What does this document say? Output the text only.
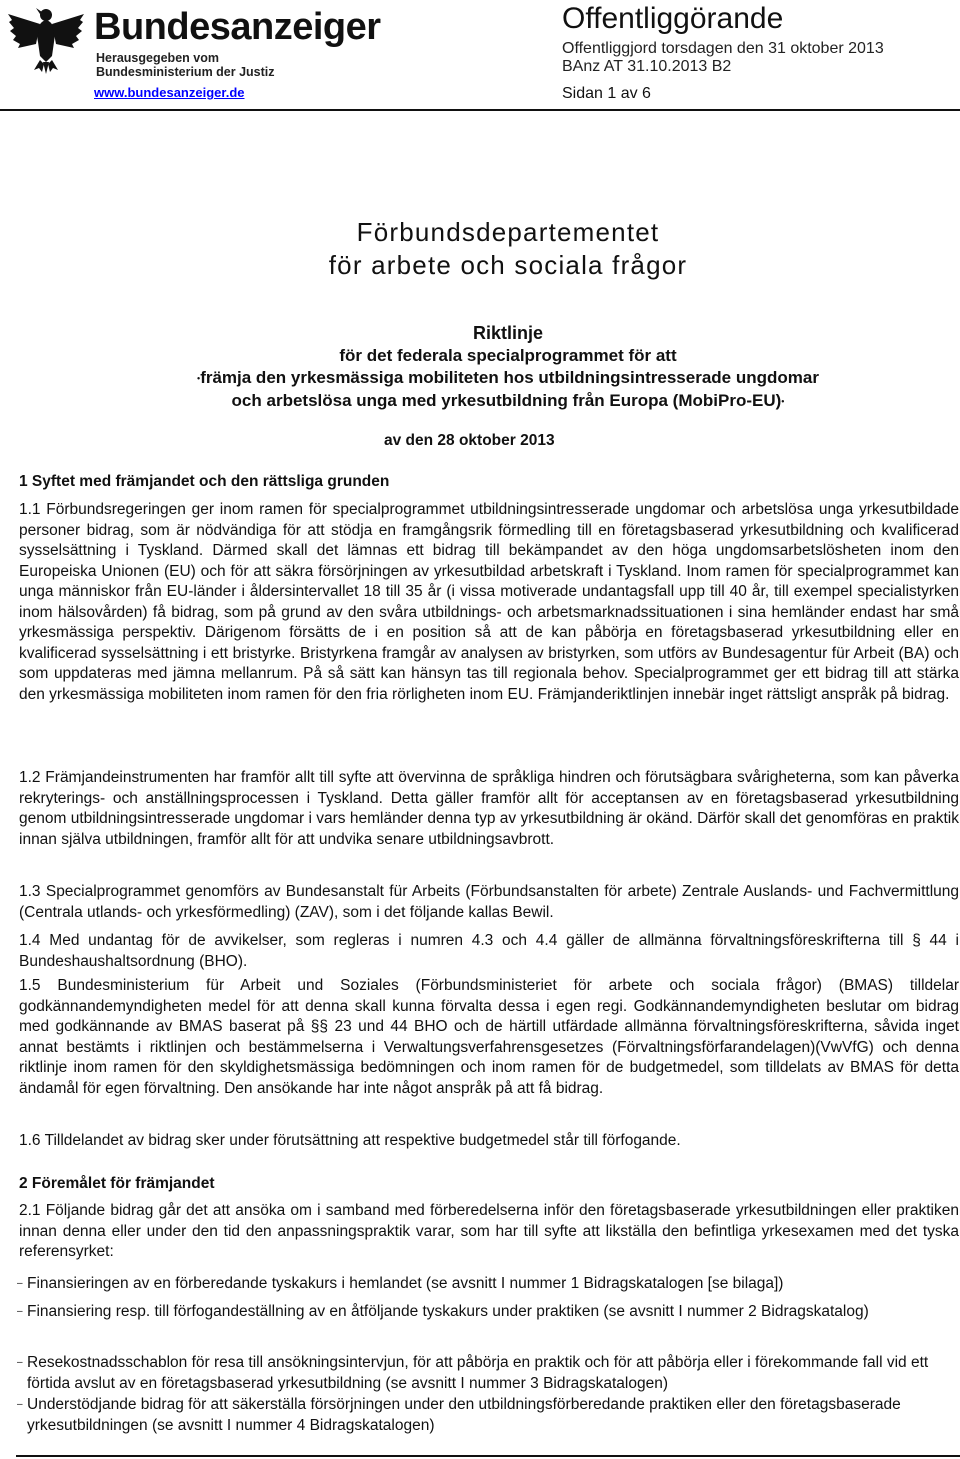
Bundesanzeiger
Herausgegeben vom
Bundesministerium der Justiz
www.bundesanzeiger.de
Offentliggörande
Offentliggjord torsdagen den 31 oktober 2013
BAnz AT 31.10.2013 B2
Sidan 1 av 6
Förbundsdepartementet
för arbete och sociala frågor
Riktlinje
för det federala specialprogrammet för att
•främja den yrkesmässiga mobiliteten hos utbildningsintresserade ungdomar
och arbetslösa unga med yrkesutbildning från Europa (MobiPro-EU)•
av den 28 oktober 2013
1 Syftet med främjandet och den rättsliga grunden

1.1 Förbundsregeringen ger inom ramen för specialprogrammet utbildningsintresserade ungdomar och arbetslösa unga yrkesutbildade personer bidrag, som är nödvändiga för att stödja en framgångsrik förmedling till en företagsbaserad yrkesutbildning och kvalificerad sysselsättning i Tyskland. Därmed skall det lämnas ett bidrag till bekämpandet av den höga ungdomsarbetslösheten inom den Europeiska Unionen (EU) och för att säkra försörjningen av yrkesutbildad arbetskraft i Tyskland. Inom ramen för specialprogrammet kan unga människor från EU-länder i åldersintervallet 18 till 35 år (i vissa motiverade undantagsfall upp till 40 år, till exempel specialistyrken inom hälsovården) få bidrag, som på grund av den svåra utbildnings- och arbetsmarknadssituationen i sina hemländer endast har små yrkesmässiga perspektiv. Därigenom försätts de i en position så att de kan påbörja en företagsbaserad yrkesutbildning eller en kvalificerad sysselsättning i ett bristyrke. Bristyrkena framgår av analysen av bristyrken, som utförs av Bundesagentur für Arbeit (BA) och som uppdateras med jämna mellanrum. På så sätt kan hänsyn tas till regionala behov. Specialprogrammet ger ett bidrag till att stärka den yrkesmässiga mobiliteten inom ramen för den fria rörligheten inom EU. Främjanderiktlinjen innebär inget rättsligt anspråk på bidrag.

1.2 Främjandeinstrumenten har framför allt till syfte att övervinna de språkliga hindren och förutsägbara svårigheterna, som kan påverka rekryterings- och anställningsprocessen i Tyskland. Detta gäller framför allt för acceptansen av en företagsbaserad yrkesutbildning genom utbildningsintresserade ungdomar i vars hemländer denna typ av yrkesutbildning är okänd. Därför skall det genomföras en praktik innan själva utbildningen, framför allt för att undvika senare utbildningsavbrott.

1.3 Specialprogrammet genomförs av Bundesanstalt für Arbeits (Förbundsanstalten för arbete) Zentrale Auslands- und Fachvermittlung (Centrala utlands- och yrkesförmedling) (ZAV), som i det följande kallas Bewil.

1.4 Med undantag för de avvikelser, som regleras i numren 4.3 och 4.4 gäller de allmänna förvaltningsföreskrifterna till § 44 i Bundeshaushaltsordnung (BHO).

1.5 Bundesministerium für Arbeit und Soziales (Förbundsministeriet för arbete och sociala frågor) (BMAS) tilldelar godkännandemyndigheten medel för att denna skall kunna förvalta dessa i egen regi. Godkännandemyndigheten beslutar om bidrag med godkännande av BMAS baserat på §§ 23 und 44 BHO och de härtill utfärdade allmänna förvaltningsföreskrifterna, såvida inget annat bestämts i riktlinjen och bestämmelserna i Verwaltungsverfahrensgesetzes (Förvaltningsförfarandelagen)(VwVfG) och denna riktlinje inom ramen för den skyldighetsmässiga bedömningen och inom ramen för de budgetmedel, som tilldelats av BMAS för detta ändamål för egen förvaltning. Den ansökande har inte något anspråk på att få bidrag.

1.6 Tilldelandet av bidrag sker under förutsättning att respektive budgetmedel står till förfogande.

2 Föremålet för främjandet

2.1 Följande bidrag går det att ansöka om i samband med förberedelserna inför den företagsbaserade yrkesutbildningen eller praktiken innan denna eller under den tid den anpassningspraktik varar, som har till syfte att likställa den befintliga yrkesexamen med det tyska referensyrket:

– Finansieringen av en förberedande tyskakurs i hemlandet (se avsnitt I nummer 1 Bidragskatalogen [se bilaga])
– Finansiering resp. till förfogandeställning av en åtföljande tyskakurs under praktiken (se avsnitt I nummer 2 Bidragskatalog)
– Resekostnadsschablon för resa till ansökningsintervjun, för att påbörja en praktik och för att påbörja eller i förekommande fall vid ett förtida avslut av en företagsbaserad yrkesutbildning (se avsnitt I nummer 3 Bidragskatalogen)
– Understödjande bidrag för att säkerställa försörjningen under den utbildningsförberedande praktiken eller den företagsbaserade yrkesutbildningen (se avsnitt I nummer 4 Bidragskatalogen)
